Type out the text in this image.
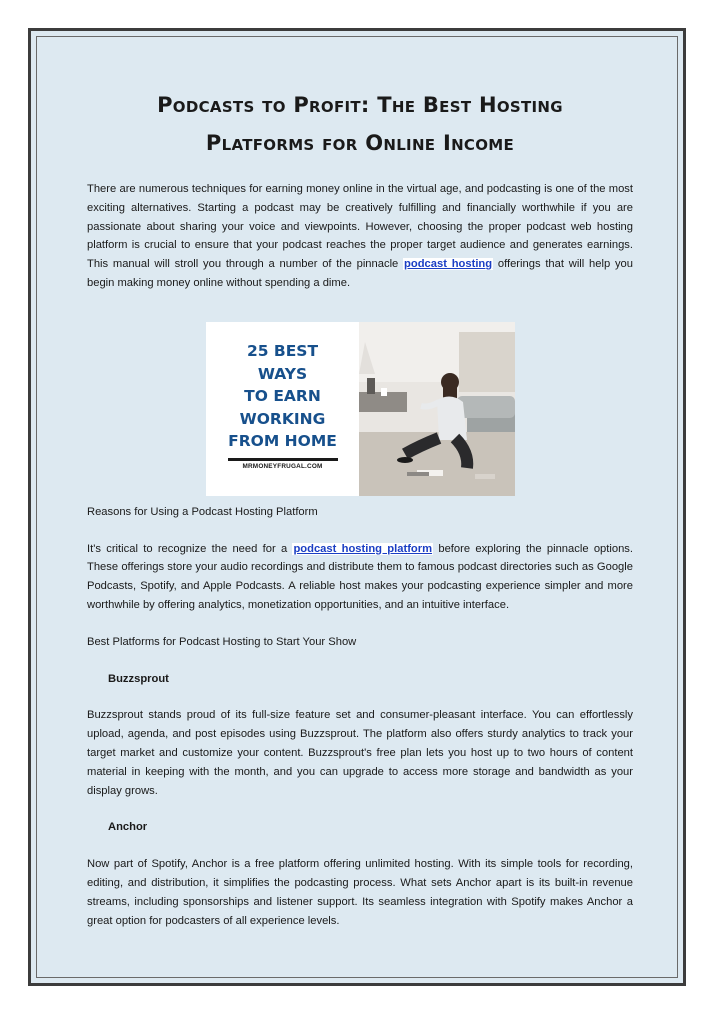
Podcasts to Profit: The Best Hosting
Platforms for Online Income

There are numerous techniques for earning money online in the virtual age, and podcasting is one of the most exciting alternatives. Starting a podcast may be creatively fulfilling and financially worthwhile if you are passionate about sharing your voice and viewpoints. However, choosing the proper podcast web hosting platform is crucial to ensure that your podcast reaches the proper target audience and generates earnings. This manual will stroll you through a number of the pinnacle podcast hosting offerings that will help you begin making money online without spending a dime.

Reasons for Using a Podcast Hosting Platform

It's critical to recognize the need for a podcast hosting platform before exploring the pinnacle options. These offerings store your audio recordings and distribute them to famous podcast directories such as Google Podcasts, Spotify, and Apple Podcasts. A reliable host makes your podcasting experience simpler and more worthwhile by offering analytics, monetization opportunities, and an intuitive interface.

Best Platforms for Podcast Hosting to Start Your Show

Buzzsprout

Buzzsprout stands proud of its full-size feature set and consumer-pleasant interface. You can effortlessly upload, agenda, and post episodes using Buzzsprout. The platform also offers sturdy analytics to track your target market and customize your content. Buzzsprout's free plan lets you host up to two hours of content material in keeping with the month, and you can upgrade to access more storage and bandwidth as your display grows.

Anchor

Now part of Spotify, Anchor is a free platform offering unlimited hosting. With its simple tools for recording, editing, and distribution, it simplifies the podcasting process. What sets Anchor apart is its built-in revenue streams, including sponsorships and listener support. Its seamless integration with Spotify makes Anchor a great option for podcasters of all experience levels.

25 BEST
WAYS
TO EARN
WORKING
FROM HOME
MRMONEYFRUGAL.COM
